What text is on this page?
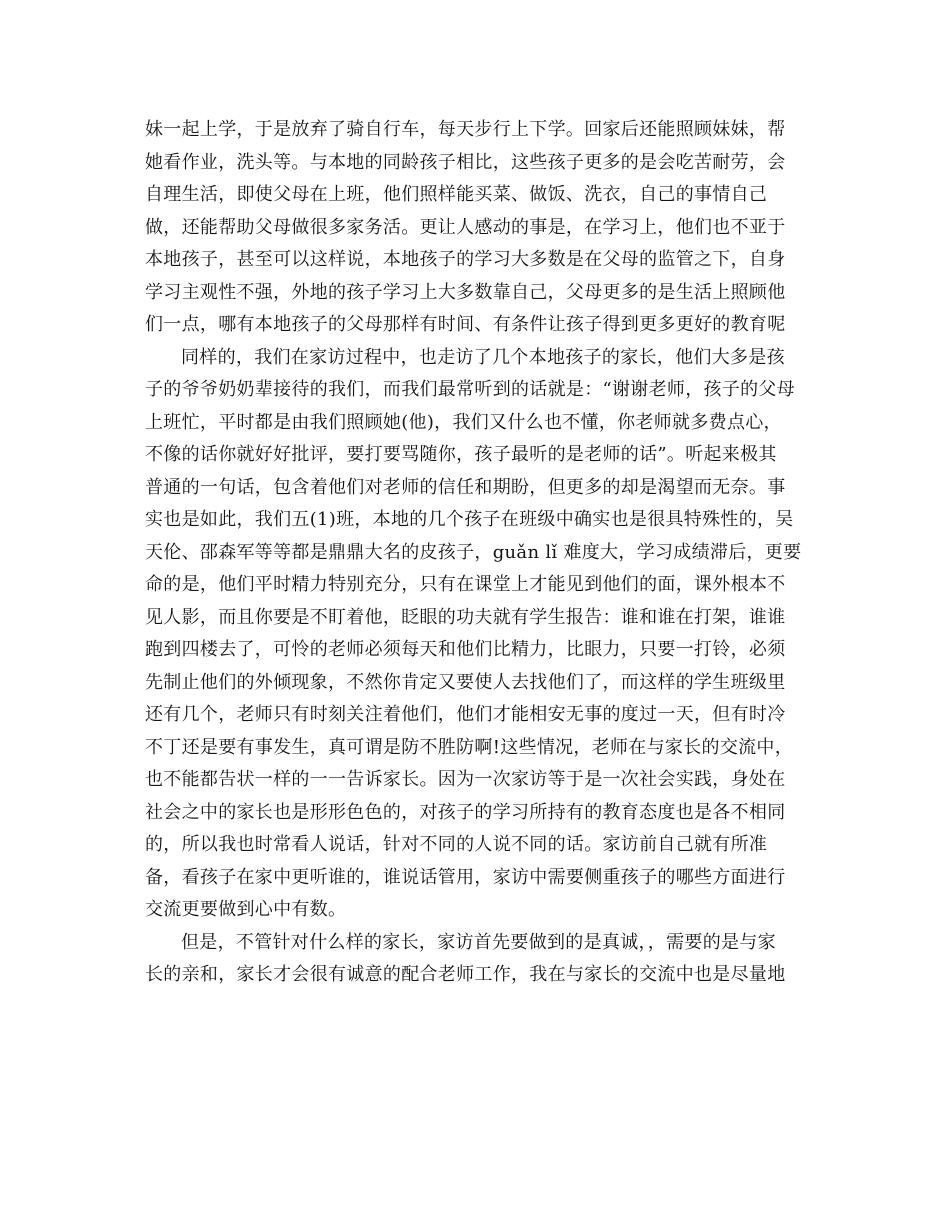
妹一起上学，于是放弃了骑自行车，每天步行上下学。回家后还能照顾妹妹，帮
她看作业，洗头等。与本地的同龄孩子相比，这些孩子更多的是会吃苦耐劳，会
自理生活，即使父母在上班，他们照样能买菜、做饭、洗衣，自己的事情自己
做，还能帮助父母做很多家务活。更让人感动的事是，在学习上，他们也不亚于
本地孩子，甚至可以这样说，本地孩子的学习大多数是在父母的监管之下，自身
学习主观性不强，外地的孩子学习上大多数靠自己，父母更多的是生活上照顾他
们一点，哪有本地孩子的父母那样有时间、有条件让孩子得到更多更好的教育呢
同样的，我们在家访过程中，也走访了几个本地孩子的家长，他们大多是孩
子的爷爷奶奶辈接待的我们，而我们最常听到的话就是：“谢谢老师，孩子的父母
上班忙，平时都是由我们照顾她(他)，我们又什么也不懂，你老师就多费点心，
不像的话你就好好批评，要打要骂随你，孩子最听的是老师的话”。听起来极其
普通的一句话，包含着他们对老师的信任和期盼，但更多的却是渴望而无奈。事
实也是如此，我们五(1)班，本地的几个孩子在班级中确实也是很具特殊性的，吴
天伦、邵森军等等都是鼎鼎大名的皮孩子，guǎn lǐ 难度大，学习成绩滞后，更要
命的是，他们平时精力特别充分，只有在课堂上才能见到他们的面，课外根本不
见人影，而且你要是不盯着他，眨眼的功夫就有学生报告：谁和谁在打架，谁谁
跑到四楼去了，可怜的老师必须每天和他们比精力，比眼力，只要一打铃，必须
先制止他们的外倾现象，不然你肯定又要使人去找他们了，而这样的学生班级里
还有几个，老师只有时刻关注着他们，他们才能相安无事的度过一天，但有时冷
不丁还是要有事发生，真可谓是防不胜防啊!这些情况，老师在与家长的交流中，
也不能都告状一样的一一告诉家长。因为一次家访等于是一次社会实践，身处在
社会之中的家长也是形形色色的，对孩子的学习所持有的教育态度也是各不相同
的，所以我也时常看人说话，针对不同的人说不同的话。家访前自己就有所准
备，看孩子在家中更听谁的，谁说话管用，家访中需要侧重孩子的哪些方面进行
交流更要做到心中有数。
但是，不管针对什么样的家长，家访首先要做到的是真诚，，需要的是与家
长的亲和，家长才会很有诚意的配合老师工作，我在与家长的交流中也是尽量地
